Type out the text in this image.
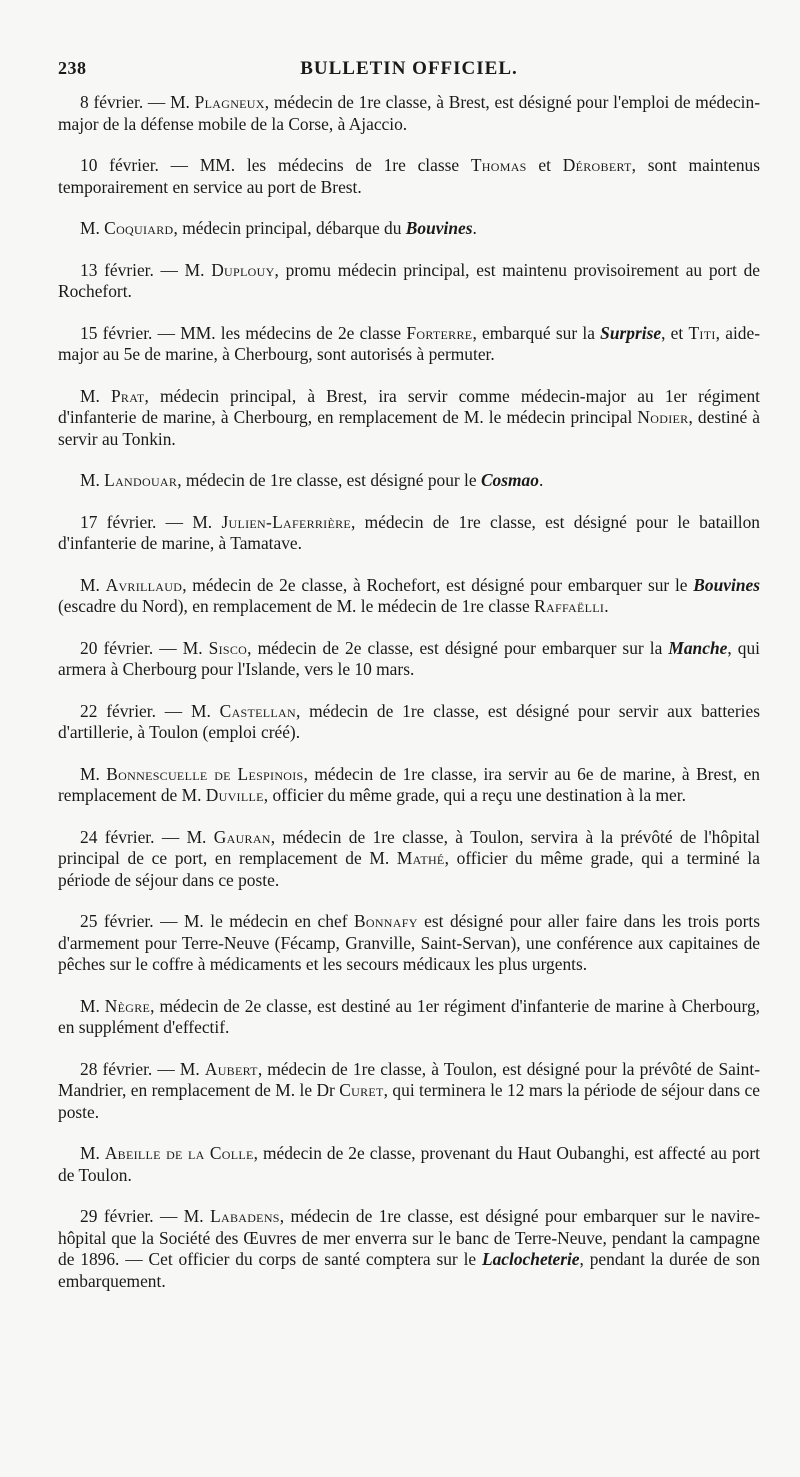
238	BULLETIN OFFICIEL.

8 février. — M. Plagneux, médecin de 1re classe, à Brest, est désigné pour l'emploi de médecin-major de la défense mobile de la Corse, à Ajaccio.

10 février. — MM. les médecins de 1re classe Thomas et Dérobert, sont maintenus temporairement en service au port de Brest.

M. Coquiard, médecin principal, débarque du Bouvines.

13 février. — M. Duplouy, promu médecin principal, est maintenu provisoirement au port de Rochefort.

15 février. — MM. les médecins de 2e classe Forterre, embarqué sur la Surprise, et Titi, aide-major au 5e de marine, à Cherbourg, sont autorisés à permuter.

M. Prat, médecin principal, à Brest, ira servir comme médecin-major au 1er régiment d'infanterie de marine, à Cherbourg, en remplacement de M. le médecin principal Nodier, destiné à servir au Tonkin.

M. Landouar, médecin de 1re classe, est désigné pour le Cosmao.

17 février. — M. Julien-Laferrière, médecin de 1re classe, est désigné pour le bataillon d'infanterie de marine, à Tamatave.

M. Avrillaud, médecin de 2e classe, à Rochefort, est désigné pour embarquer sur le Bouvines (escadre du Nord), en remplacement de M. le médecin de 1re classe Raffaëlli.

20 février. — M. Sisco, médecin de 2e classe, est désigné pour embarquer sur la Manche, qui armera à Cherbourg pour l'Islande, vers le 10 mars.

22 février. — M. Castellan, médecin de 1re classe, est désigné pour servir aux batteries d'artillerie, à Toulon (emploi créé).

M. Bonnescuelle de Lespinois, médecin de 1re classe, ira servir au 6e de marine, à Brest, en remplacement de M. Duville, officier du même grade, qui a reçu une destination à la mer.

24 février. — M. Gauran, médecin de 1re classe, à Toulon, servira à la prévôté de l'hôpital principal de ce port, en remplacement de M. Mathé, officier du même grade, qui a terminé la période de séjour dans ce poste.

25 février. — M. le médecin en chef Bonnafy est désigné pour aller faire dans les trois ports d'armement pour Terre-Neuve (Fécamp, Granville, Saint-Servan), une conférence aux capitaines de pêches sur le coffre à médicaments et les secours médicaux les plus urgents.

M. Nègre, médecin de 2e classe, est destiné au 1er régiment d'infanterie de marine à Cherbourg, en supplément d'effectif.

28 février. — M. Aubert, médecin de 1re classe, à Toulon, est désigné pour la prévôté de Saint-Mandrier, en remplacement de M. le Dr Curet, qui terminera le 12 mars la période de séjour dans ce poste.

M. Abeille de la Colle, médecin de 2e classe, provenant du Haut Oubanghi, est affecté au port de Toulon.

29 février. — M. Labadens, médecin de 1re classe, est désigné pour embarquer sur le navire-hôpital que la Société des Œuvres de mer enverra sur le banc de Terre-Neuve, pendant la campagne de 1896. — Cet officier du corps de santé comptera sur le Laclocheterie, pendant la durée de son embarquement.
